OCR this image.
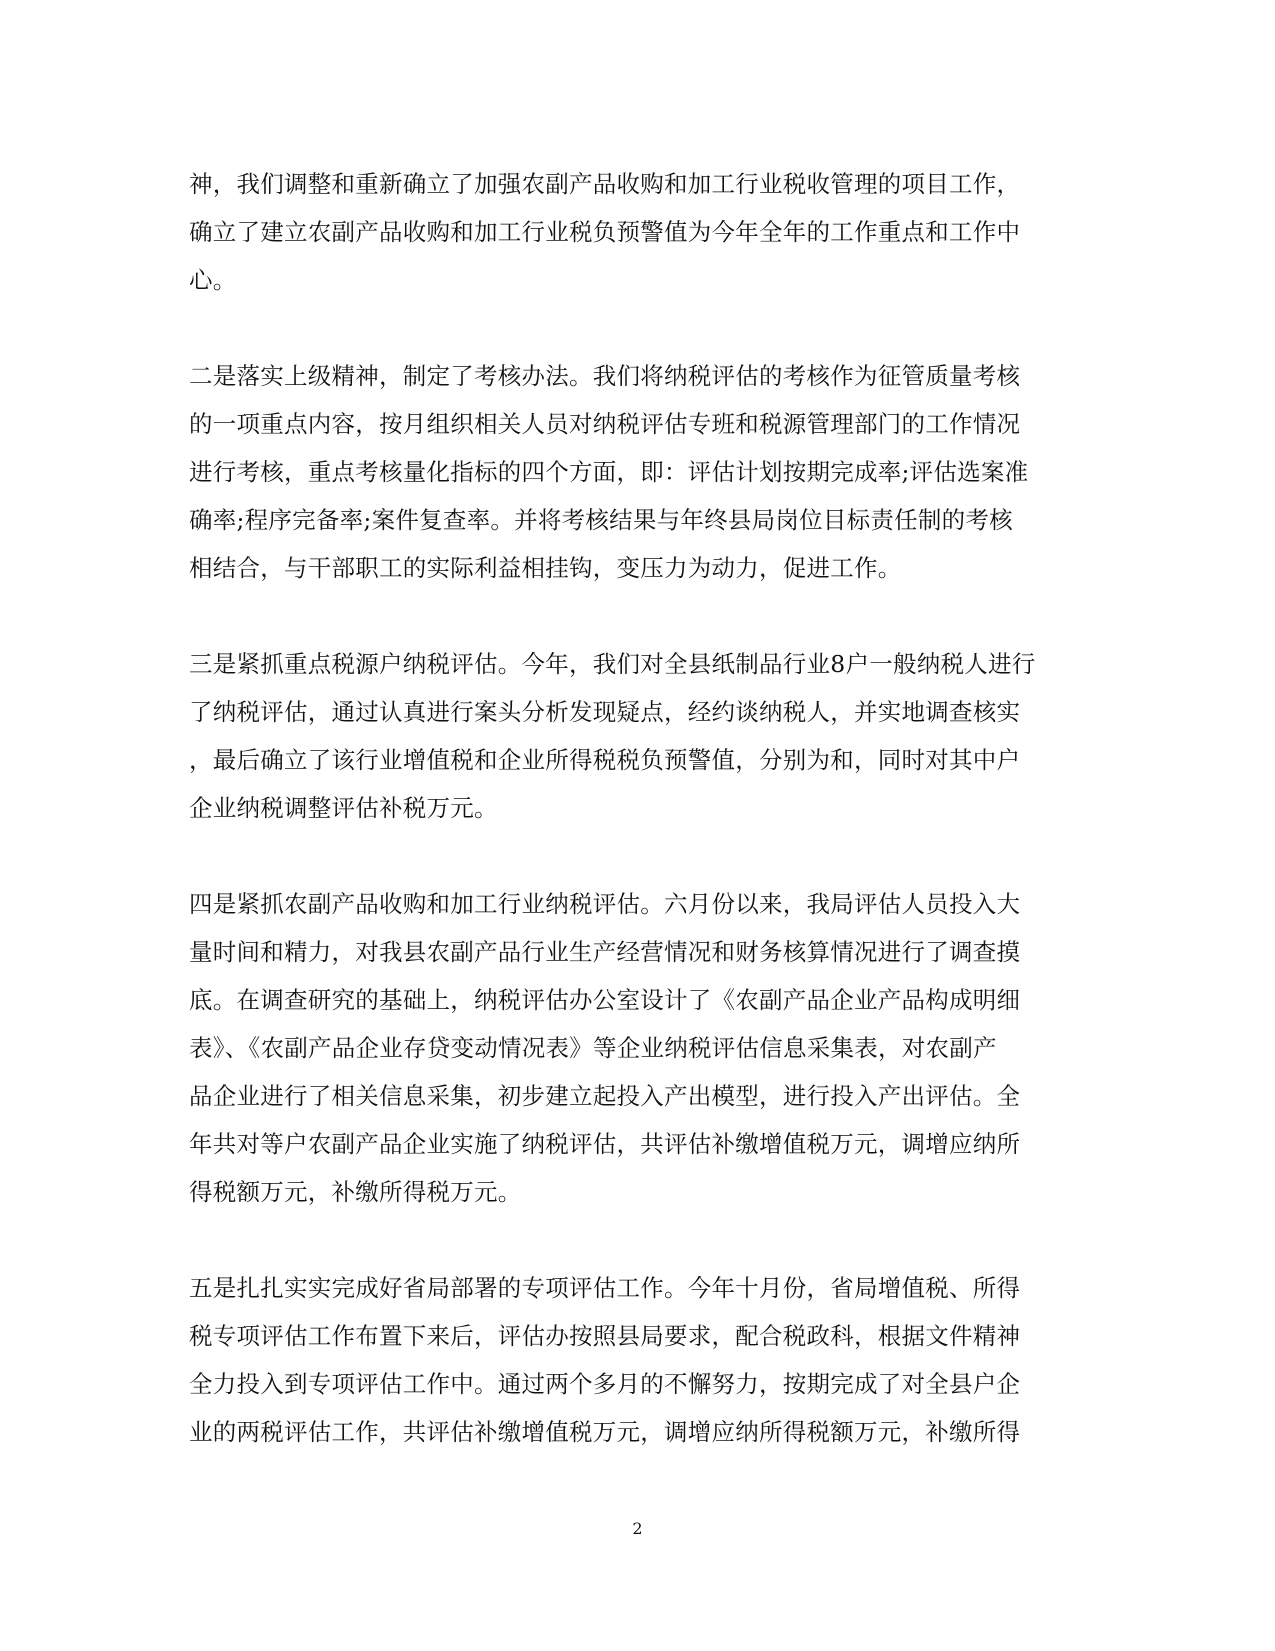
神，我们调整和重新确立了加强农副产品收购和加工行业税收管理的项目工作，
确立了建立农副产品收购和加工行业税负预警值为今年全年的工作重点和工作中
心。

二是落实上级精神，制定了考核办法。我们将纳税评估的考核作为征管质量考核
的一项重点内容，按月组织相关人员对纳税评估专班和税源管理部门的工作情况
进行考核，重点考核量化指标的四个方面，即：评估计划按期完成率;评估选案准
确率;程序完备率;案件复查率。并将考核结果与年终县局岗位目标责任制的考核
相结合，与干部职工的实际利益相挂钩，变压力为动力，促进工作。

三是紧抓重点税源户纳税评估。今年，我们对全县纸制品行业8户一般纳税人进行
了纳税评估，通过认真进行案头分析发现疑点，经约谈纳税人，并实地调查核实
，最后确立了该行业增值税和企业所得税税负预警值，分别为和，同时对其中户
企业纳税调整评估补税万元。

四是紧抓农副产品收购和加工行业纳税评估。六月份以来，我局评估人员投入大
量时间和精力，对我县农副产品行业生产经营情况和财务核算情况进行了调查摸
底。在调查研究的基础上，纳税评估办公室设计了《农副产品企业产品构成明细
表》、《农副产品企业存贷变动情况表》等企业纳税评估信息采集表，对农副产
品企业进行了相关信息采集，初步建立起投入产出模型，进行投入产出评估。全
年共对等户农副产品企业实施了纳税评估，共评估补缴增值税万元，调增应纳所
得税额万元，补缴所得税万元。

五是扎扎实实完成好省局部署的专项评估工作。今年十月份，省局增值税、所得
税专项评估工作布置下来后，评估办按照县局要求，配合税政科，根据文件精神
全力投入到专项评估工作中。通过两个多月的不懈努力，按期完成了对全县户企
业的两税评估工作，共评估补缴增值税万元，调增应纳所得税额万元，补缴所得

2
